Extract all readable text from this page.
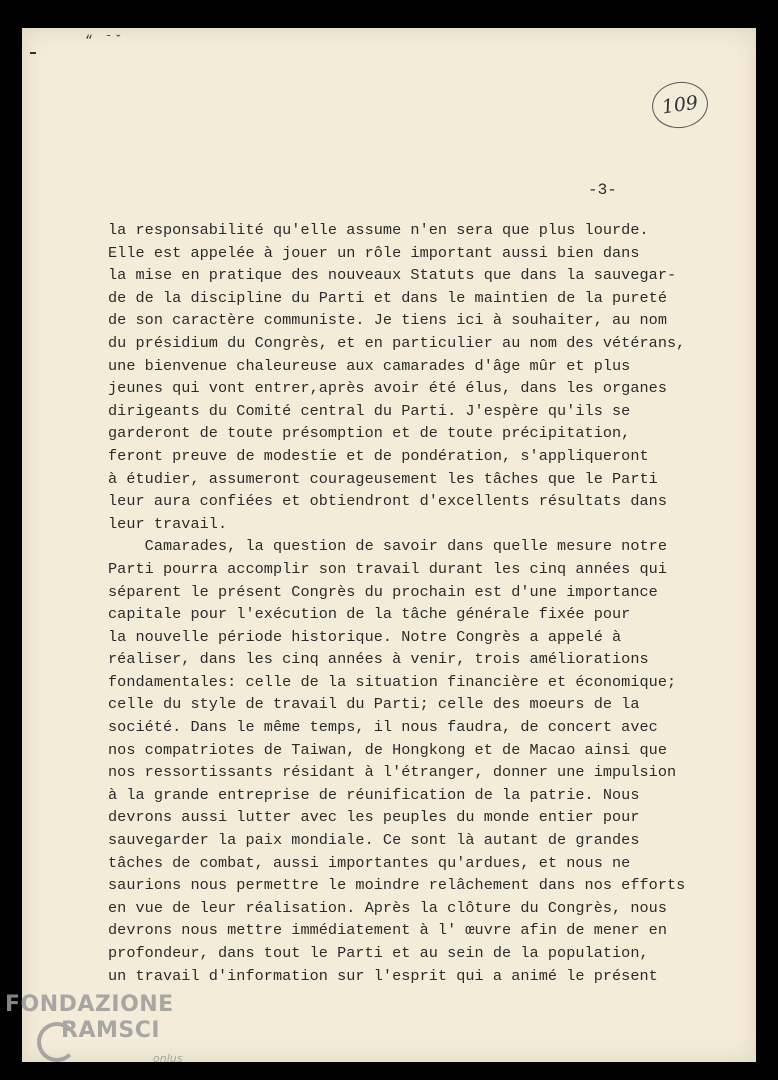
“ ˉˇ
109
-3-
la responsabilité qu'elle assume n'en sera que plus lourde.
Elle est appelée à jouer un rôle important aussi bien dans
la mise en pratique des nouveaux Statuts que dans la sauvegar-
de de la discipline du Parti et dans le maintien de la pureté
de son caractère communiste. Je tiens ici à souhaiter, au nom
du présidium du Congrès, et en particulier au nom des vétérans,
une bienvenue chaleureuse aux camarades d'âge mûr et plus
jeunes qui vont entrer,après avoir été élus, dans les organes
dirigeants du Comité central du Parti. J'espère qu'ils se
garderont de toute présomption et de toute précipitation,
feront preuve de modestie et de pondération, s'appliqueront
à étudier, assumeront courageusement les tâches que le Parti
leur aura confiées et obtiendront d'excellents résultats dans
leur travail.
Camarades, la question de savoir dans quelle mesure notre
Parti pourra accomplir son travail durant les cinq années qui
séparent le présent Congrès du prochain est d'une importance
capitale pour l'exécution de la tâche générale fixée pour
la nouvelle période historique. Notre Congrès a appelé à
réaliser, dans les cinq années à venir, trois améliorations
fondamentales: celle de la situation financière et économique;
celle du style de travail du Parti; celle des moeurs de la
société. Dans le même temps, il nous faudra, de concert avec
nos compatriotes de Taiwan, de Hongkong et de Macao ainsi que
nos ressortissants résidant à l'étranger, donner une impulsion
à la grande entreprise de réunification de la patrie. Nous
devrons aussi lutter avec les peuples du monde entier pour
sauvegarder la paix mondiale. Ce sont là autant de grandes
tâches de combat, aussi importantes qu'ardues, et nous ne
saurions nous permettre le moindre relâchement dans nos efforts
en vue de leur réalisation. Après la clôture du Congrès, nous
devrons nous mettre immédiatement à l' œuvre afin de mener en
profondeur, dans tout le Parti et au sein de la population,
un travail d'information sur l'esprit qui a animé le présent
FONDAZIONE
RAMSCI
onlus
